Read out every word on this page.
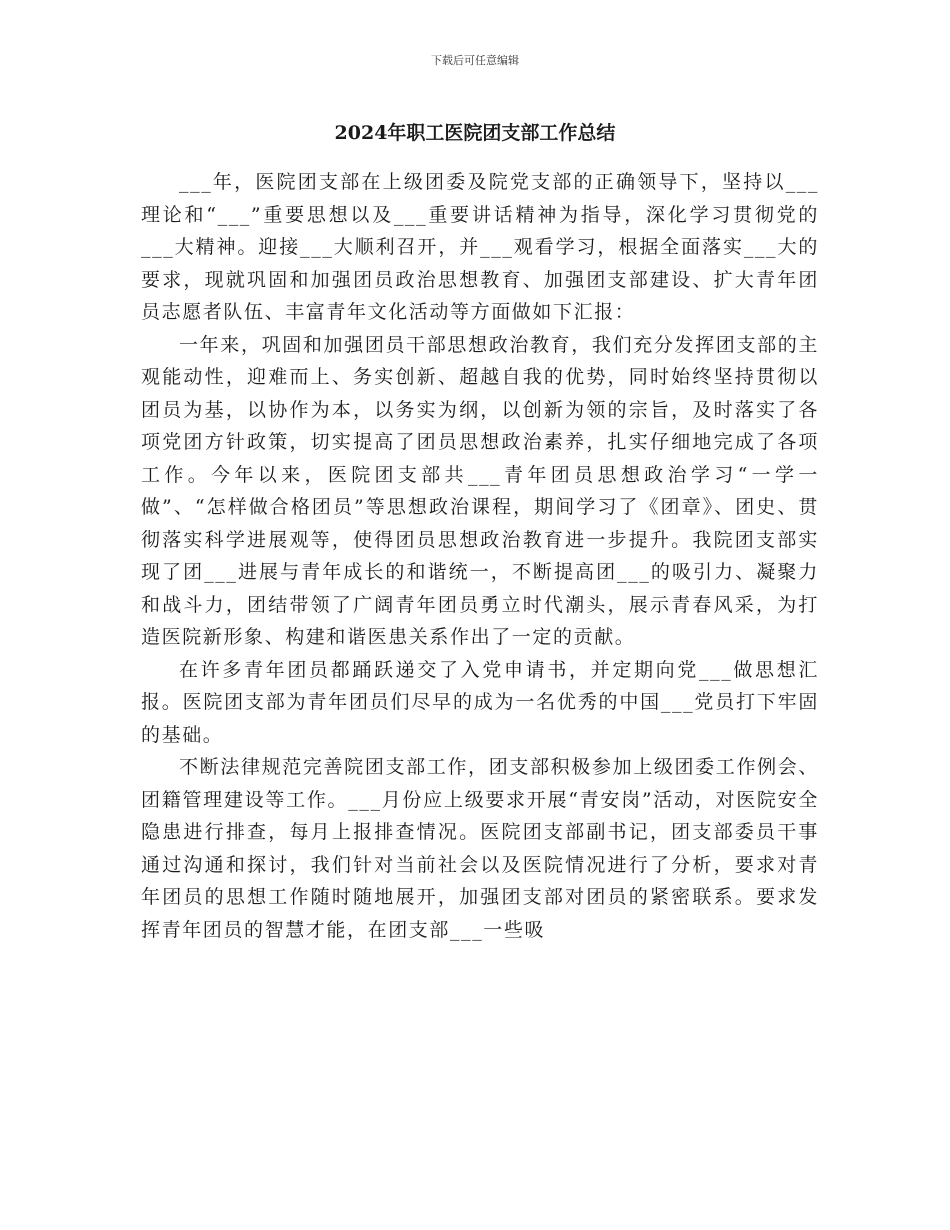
下载后可任意编辑
2024年职工医院团支部工作总结

___年，医院团支部在上级团委及院党支部的正确领导下，坚持以___理论和“___”重要思想以及___重要讲话精神为指导，深化学习贯彻党的___大精神。迎接___大顺利召开，并___观看学习，根据全面落实___大的要求，现就巩固和加强团员政治思想教育、加强团支部建设、扩大青年团员志愿者队伍、丰富青年文化活动等方面做如下汇报：

一年来，巩固和加强团员干部思想政治教育，我们充分发挥团支部的主观能动性，迎难而上、务实创新、超越自我的优势，同时始终坚持贯彻以团员为基，以协作为本，以务实为纲，以创新为领的宗旨，及时落实了各项党团方针政策，切实提高了团员思想政治素养，扎实仔细地完成了各项工作。今年以来，医院团支部共___青年团员思想政治学习“一学一做”、“怎样做合格团员”等思想政治课程，期间学习了《团章》、团史、贯彻落实科学进展观等，使得团员思想政治教育进一步提升。我院团支部实现了团___进展与青年成长的和谐统一，不断提高团___的吸引力、凝聚力和战斗力，团结带领了广阔青年团员勇立时代潮头，展示青春风采，为打造医院新形象、构建和谐医患关系作出了一定的贡献。

在许多青年团员都踊跃递交了入党申请书，并定期向党___做思想汇报。医院团支部为青年团员们尽早的成为一名优秀的中国___党员打下牢固的基础。

不断法律规范完善院团支部工作，团支部积极参加上级团委工作例会、团籍管理建设等工作。___月份应上级要求开展“青安岗”活动，对医院安全隐患进行排查，每月上报排查情况。医院团支部副书记，团支部委员干事通过沟通和探讨，我们针对当前社会以及医院情况进行了分析，要求对青年团员的思想工作随时随地展开，加强团支部对团员的紧密联系。要求发挥青年团员的智慧才能，在团支部___一些吸
